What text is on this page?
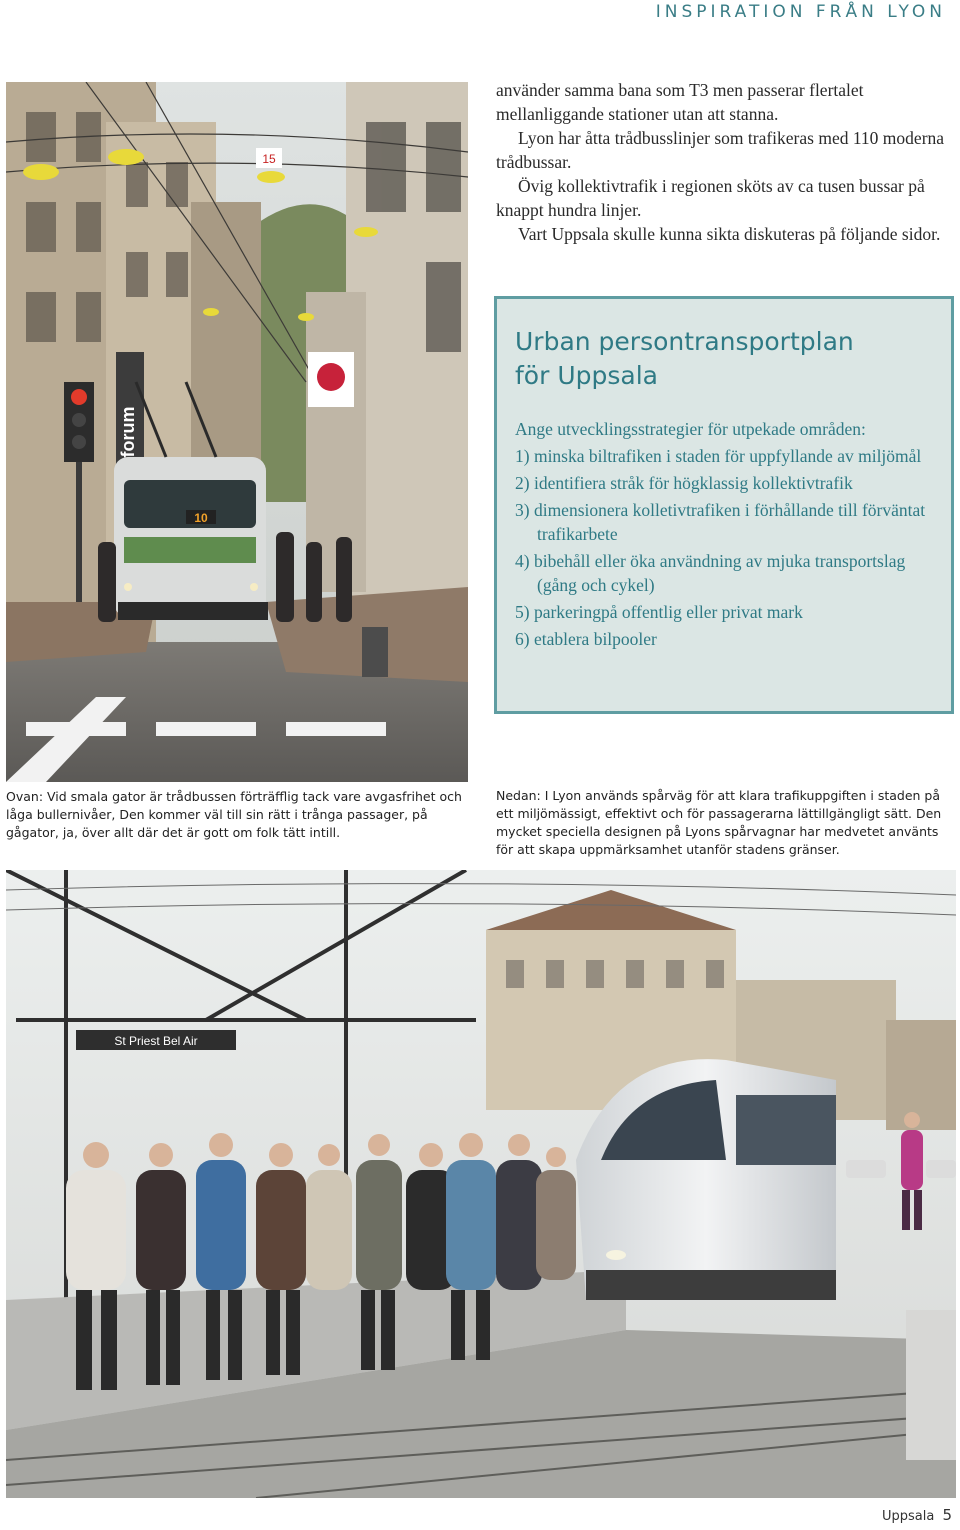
INSPIRATION FRÅN LYON
forum
15
10

använder samma bana som T3 men passerar flertalet mellanliggande stationer utan att stanna.

Lyon har åtta trådbusslinjer som trafikeras med 110 moderna trådbussar.

Övig kollektivtrafik i regionen sköts av ca tusen bussar på knappt hundra linjer.

Vart Uppsala skulle kunna sikta diskuteras på följande sidor.

Urban persontransportplan
för Uppsala

Ange utvecklingsstrategier för utpekade områden:

1) minska biltrafiken i staden för uppfyllande av miljömål

2) identifiera stråk för högklassig kollektivtrafik

3) dimensionera kolletivtrafiken i förhållande till förväntat trafikarbete

4) bibehåll eller öka användning av mjuka transportslag (gång och cykel)

5) parkeringpå offentlig eller privat mark

6) etablera bilpooler

Ovan: Vid smala gator är trådbussen förträfflig tack vare avgasfrihet och låga bullernivåer, Den kommer väl till sin rätt i trånga passager, på gågator, ja, över allt där det är gott om folk tätt intill.
Nedan: I Lyon används spårväg för att klara trafikuppgiften i staden på ett miljömässigt, effektivt och för passagerarna lättillgängligt sätt. Den mycket speciella designen på Lyons spårvagnar har medvetet använts för att skapa uppmärksamhet utanför stadens gränser.
St Priest Bel Air
Uppsala 5
